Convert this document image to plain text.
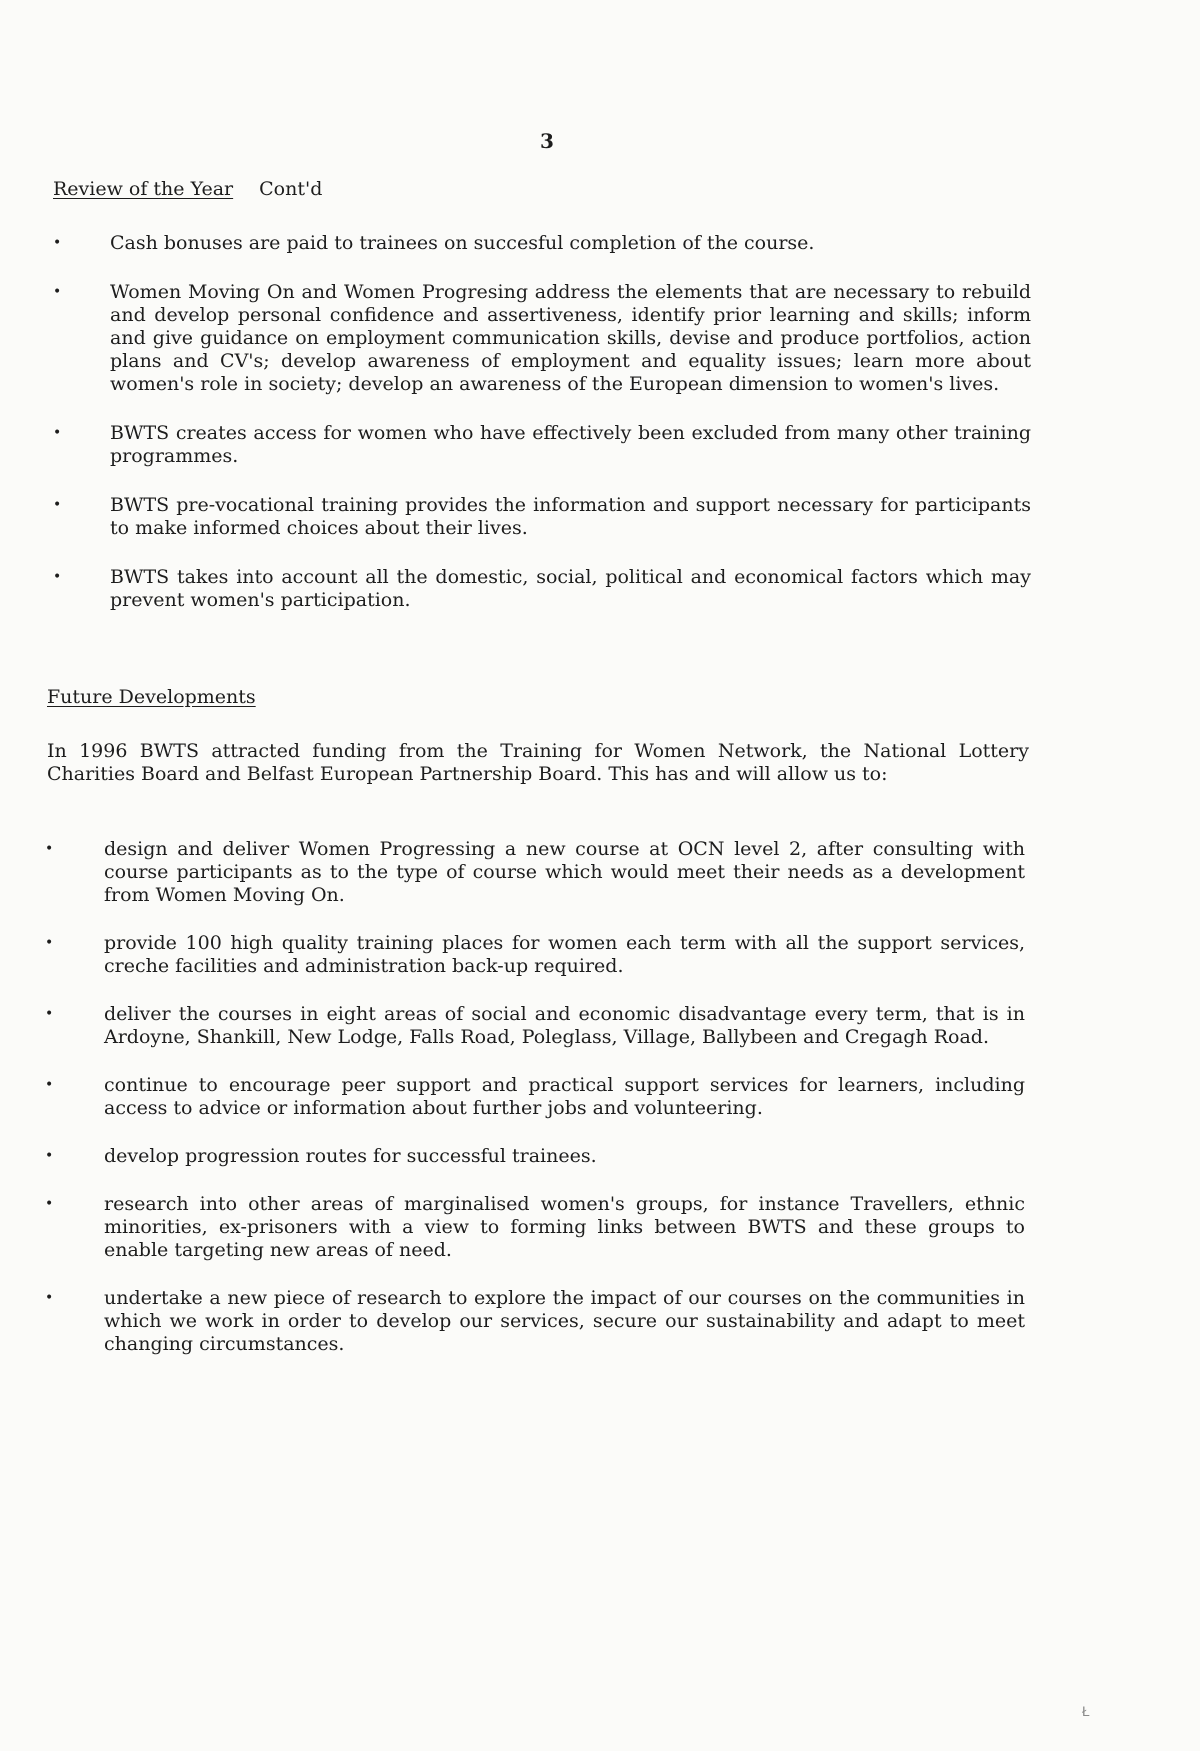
3
Review of the Year Cont'd
•	Cash bonuses are paid to trainees on succesful completion of the course.
•	Women Moving On and Women Progresing address the elements that are necessary to rebuild and develop personal confidence and assertiveness, identify prior learning and skills; inform and give guidance on employment communication skills, devise and produce portfolios, action plans and CV's; develop awareness of employment and equality issues; learn more about women's role in society; develop an awareness of the European dimension to women's lives.
•	BWTS creates access for women who have effectively been excluded from many other training programmes.
•	BWTS pre-vocational training provides the information and support necessary for participants to make informed choices about their lives.
•	BWTS takes into account all the domestic, social, political and economical factors which may prevent women's participation.
Future Developments

In 1996 BWTS attracted funding from the Training for Women Network, the National Lottery Charities Board and Belfast European Partnership Board. This has and will allow us to:

•	design and deliver Women Progressing a new course at OCN level 2, after consulting with course participants as to the type of course which would meet their needs as a development from Women Moving On.
•	provide 100 high quality training places for women each term with all the support services, creche facilities and administration back-up required.
•	deliver the courses in eight areas of social and economic disadvantage every term, that is in Ardoyne, Shankill, New Lodge, Falls Road, Poleglass, Village, Ballybeen and Cregagh Road.
•	continue to encourage peer support and practical support services for learners, including access to advice or information about further jobs and volunteering.
•	develop progression routes for successful trainees.
•	research into other areas of marginalised women's groups, for instance Travellers, ethnic minorities, ex-prisoners with a view to forming links between BWTS and these groups to enable targeting new areas of need.
•	undertake a new piece of research to explore the impact of our courses on the communities in which we work in order to develop our services, secure our sustainability and adapt to meet changing circumstances.
Ł
